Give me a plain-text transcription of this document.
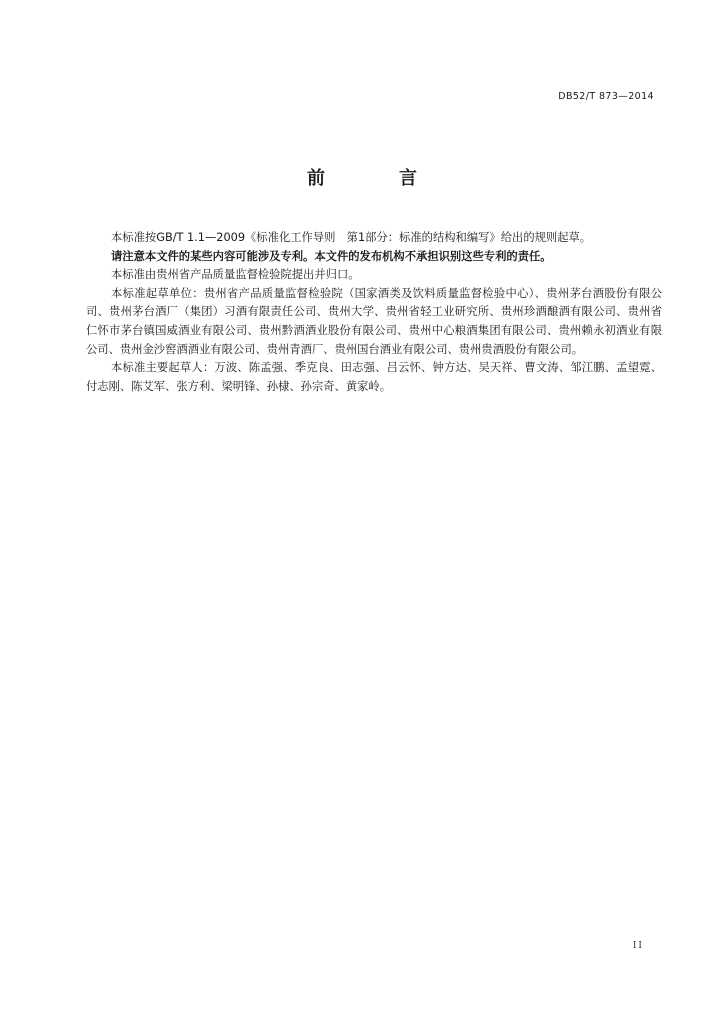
DB52/T 873—2014
前　言

本标准按GB/T 1.1—2009《标准化工作导则　第1部分：标准的结构和编写》给出的规则起草。

请注意本文件的某些内容可能涉及专利。本文件的发布机构不承担识别这些专利的责任。

本标准由贵州省产品质量监督检验院提出并归口。

本标准起草单位：贵州省产品质量监督检验院（国家酒类及饮料质量监督检验中心）、贵州茅台酒股份有限公司、贵州茅台酒厂（集团）习酒有限责任公司、贵州大学、贵州省轻工业研究所、贵州珍酒酿酒有限公司、贵州省仁怀市茅台镇国威酒业有限公司、贵州黔酒酒业股份有限公司、贵州中心粮酒集团有限公司、贵州赖永初酒业有限公司、贵州金沙窖酒酒业有限公司、贵州青酒厂、贵州国台酒业有限公司、贵州贵酒股份有限公司。

本标准主要起草人：万波、陈孟强、季克良、田志强、吕云怀、钟方达、吴天祥、曹文涛、邹江鹏、孟望霓、付志刚、陈艾军、张方利、梁明锋、孙棣、孙宗奇、黄家岭。

II
